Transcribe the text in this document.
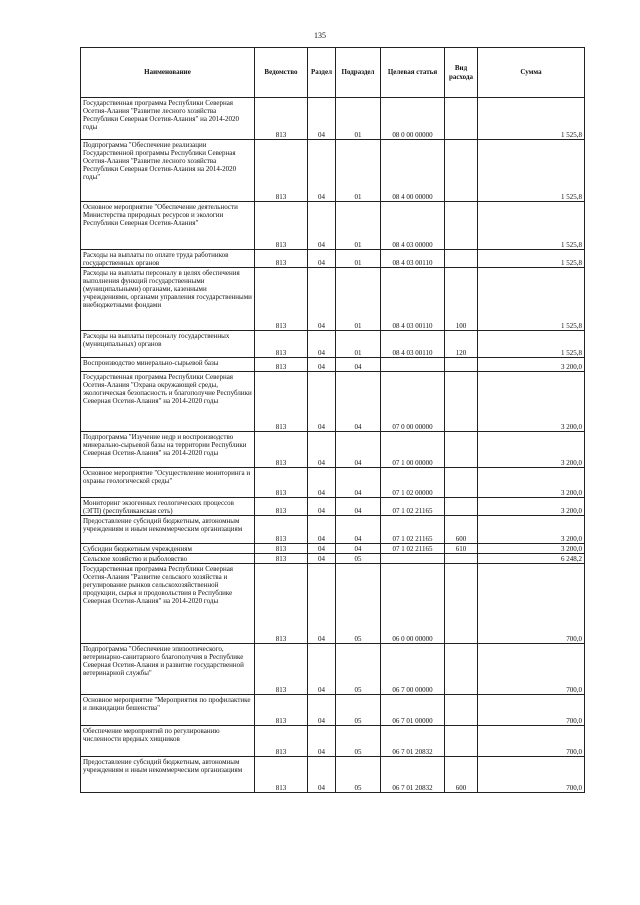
135
Наименование	Ведомство	Раздел	Подраздел	Целевая статья	Вид расхода	Сумма

Государственная программа Республики Северная Осетия-Алания "Развитие лесного хозяйства Республики Северная Осетия-Алания" на 2014-2020 годы	813	04	01	08 0 00 00000		1 525,8

Подпрограмма "Обеспечение реализации Государственной программы Республики Северная Осетия-Алания "Развитие лесного хозяйства Республики Северная Осетия-Алания на 2014-2020 годы"	813	04	01	08 4 00 00000		1 525,8

Основное мероприятие "Обеспечение деятельности Министерства природных ресурсов и экологии Республики Северная Осетия-Алания"	813	04	01	08 4 03 00000		1 525,8

Расходы на выплаты по оплате труда работников государственных органов	813	04	01	08 4 03 00110		1 525,8

Расходы на выплаты персоналу в целях обеспечения выполнения функций государственными (муниципальными) органами, казенными учреждениями, органами управления государственными внебюджетными фондами	813	04	01	08 4 03 00110	100	1 525,8

Расходы на выплаты персоналу государственных (муниципальных) органов	813	04	01	08 4 03 00110	120	1 525,8

Воспроизводство минерально-сырьевой базы	813	04	04			3 200,0

Государственная программа Республики Северная Осетия-Алания "Охрана окружающей среды, экологическая безопасность и благополучие Республики Северная Осетия-Алания" на 2014-2020 годы	813	04	04	07 0 00 00000		3 200,0

Подпрограмма "Изучение недр и воспроизводство минерально-сырьевой базы на территории Республики Северная Осетия-Алания" на 2014-2020 годы	813	04	04	07 1 00 00000		3 200,0

Основное мероприятие "Осуществление мониторинга и охраны геологической среды"	813	04	04	07 1 02 00000		3 200,0

Мониторинг экзогенных геологических процессов (ЭГП) (республиканская сеть)	813	04	04	07 1 02 21165		3 200,0

Предоставление субсидий бюджетным, автономным учреждениям и иным некоммерческим организациям	813	04	04	07 1 02 21165	600	3 200,0

Субсидии бюджетным учреждениям	813	04	04	07 1 02 21165	610	3 200,0

Сельское хозяйство и рыболовство	813	04	05			6 248,2

Государственная программа Республики Северная Осетия-Алания "Развитие сельского хозяйства и регулирование рынков сельскохозяйственной продукции, сырья и продовольствия в Республике Северная Осетия-Алания" на 2014-2020 годы	813	04	05	06 0 00 00000		700,0

Подпрограмма "Обеспечение эпизоотического, ветеринарно-санитарного благополучия в Республике Северная Осетия-Алания и развитие государственной ветеринарной службы"	813	04	05	06 7 00 00000		700,0

Основное мероприятие "Мероприятия по профилактике и ликвидации бешенства"	813	04	05	06 7 01 00000		700,0

Обеспечение мероприятий по регулированию численности вредных хищников	813	04	05	06 7 01 20832		700,0

Предоставление субсидий бюджетным, автономным учреждениям и иным некоммерческим организациям	813	04	05	06 7 01 20832	600	700,0
